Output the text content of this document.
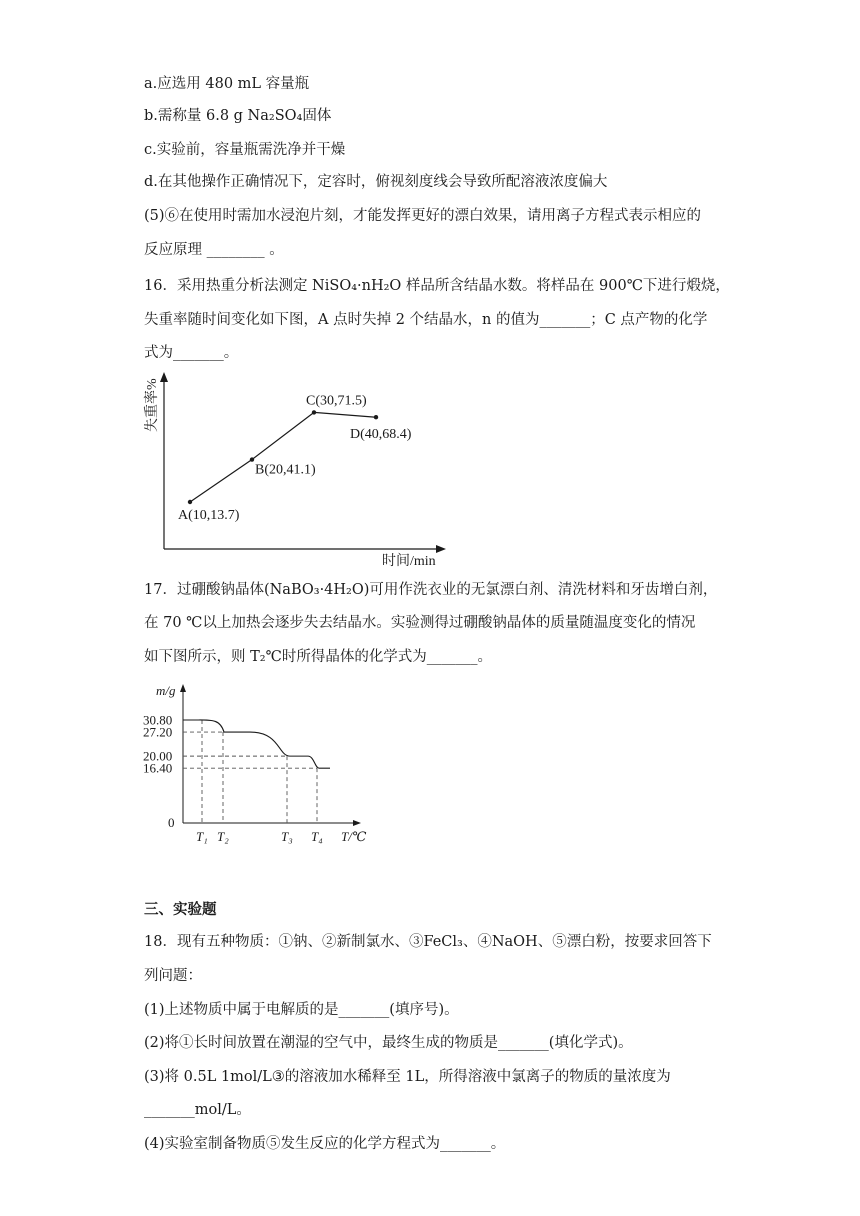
a.应选用 480 mL 容量瓶
b.需称量 6.8 g Na₂SO₄固体
c.实验前，容量瓶需洗净并干燥
d.在其他操作正确情况下，定容时，俯视刻度线会导致所配溶液浓度偏大
(5)⑥在使用时需加水浸泡片刻，才能发挥更好的漂白效果，请用离子方程式表示相应的
反应原理 ________ 。
16．采用热重分析法测定 NiSO₄·nH₂O 样品所含结晶水数。将样品在 900℃下进行煅烧，
失重率随时间变化如下图，A 点时失掉 2 个结晶水，n 的值为_______；C 点产物的化学
式为_______。
失重率%
时间/min
A(10,13.7)
B(20,41.1)
C(30,71.5)
D(40,68.4)
17．过硼酸钠晶体(NaBO₃·4H₂O)可用作洗衣业的无氯漂白剂、清洗材料和牙齿增白剂，
在 70 ℃以上加热会逐步失去结晶水。实验测得过硼酸钠晶体的质量随温度变化的情况
如下图所示，则 T₂℃时所得晶体的化学式为_______。
m/g
T/℃
0
30.80
27.20
20.00
16.40
T₁ T₂	T₃ T₄
三、实验题
18．现有五种物质：①钠、②新制氯水、③FeCl₃、④NaOH、⑤漂白粉，按要求回答下
列问题：
(1)上述物质中属于电解质的是_______(填序号)。
(2)将①长时间放置在潮湿的空气中，最终生成的物质是_______(填化学式)。
(3)将 0.5L 1mol/L③的溶液加水稀释至 1L，所得溶液中氯离子的物质的量浓度为
_______mol/L。
(4)实验室制备物质⑤发生反应的化学方程式为_______。
